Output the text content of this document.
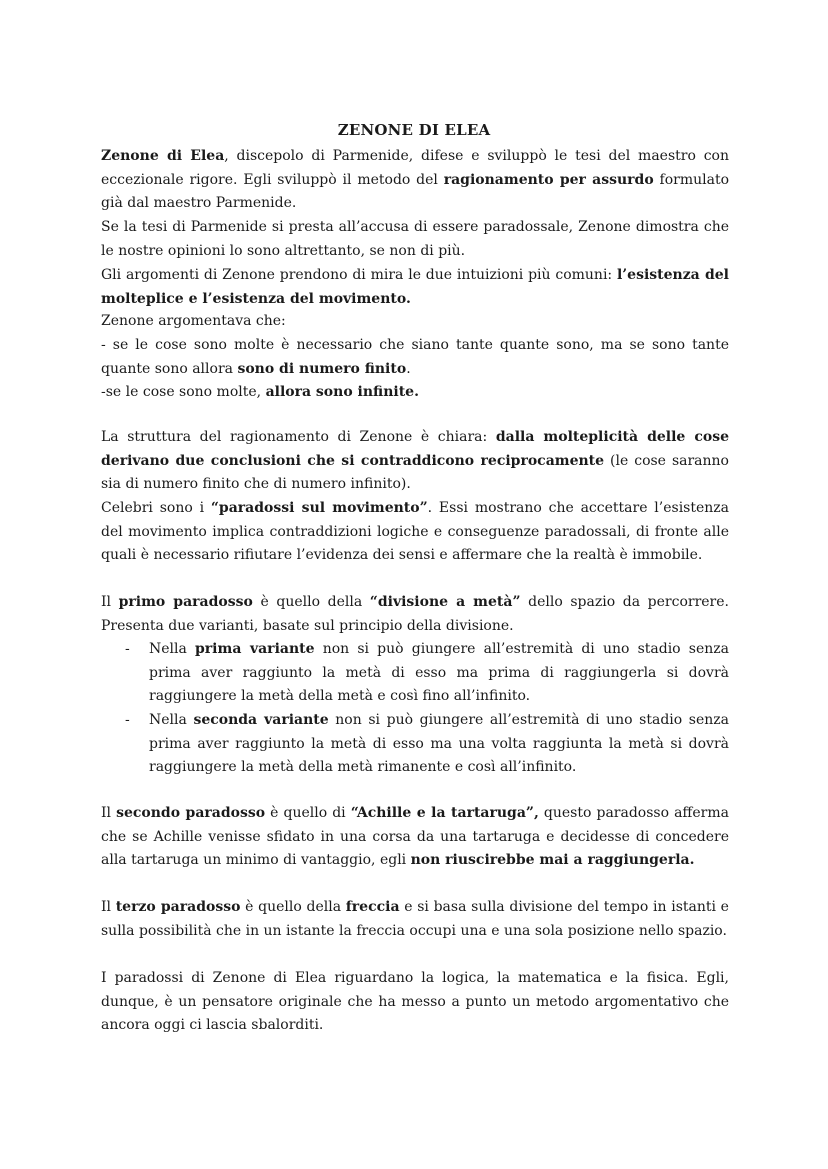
ZENONE DI ELEA

Zenone di Elea, discepolo di Parmenide, difese e sviluppò le tesi del maestro con eccezionale rigore. Egli sviluppò il metodo del ragionamento per assurdo formulato già dal maestro Parmenide.

Se la tesi di Parmenide si presta all’accusa di essere paradossale, Zenone dimostra che le nostre opinioni lo sono altrettanto, se non di più.

Gli argomenti di Zenone prendono di mira le due intuizioni più comuni: l’esistenza del molteplice e l’esistenza del movimento.

Zenone argomentava che:

- se le cose sono molte è necessario che siano tante quante sono, ma se sono tante quante sono allora sono di numero finito.

-se le cose sono molte, allora sono infinite.

La struttura del ragionamento di Zenone è chiara: dalla molteplicità delle cose derivano due conclusioni che si contraddicono reciprocamente (le cose saranno sia di numero finito che di numero infinito).

Celebri sono i “paradossi sul movimento”. Essi mostrano che accettare l’esistenza del movimento implica contraddizioni logiche e conseguenze paradossali, di fronte alle quali è necessario rifiutare l’evidenza dei sensi e affermare che la realtà è immobile.

Il primo paradosso è quello della “divisione a metà” dello spazio da percorrere. Presenta due varianti, basate sul principio della divisione.

- Nella prima variante non si può giungere all’estremità di uno stadio senza prima aver raggiunto la metà di esso ma prima di raggiungerla si dovrà raggiungere la metà della metà e così fino all’infinito.

- Nella seconda variante non si può giungere all’estremità di uno stadio senza prima aver raggiunto la metà di esso ma una volta raggiunta la metà si dovrà raggiungere la metà della metà rimanente e così all’infinito.

Il secondo paradosso è quello di “Achille e la tartaruga”, questo paradosso afferma che se Achille venisse sfidato in una corsa da una tartaruga e decidesse di concedere alla tartaruga un minimo di vantaggio, egli non riuscirebbe mai a raggiungerla.

Il terzo paradosso è quello della freccia e si basa sulla divisione del tempo in istanti e sulla possibilità che in un istante la freccia occupi una e una sola posizione nello spazio.

I paradossi di Zenone di Elea riguardano la logica, la matematica e la fisica. Egli, dunque, è un pensatore originale che ha messo a punto un metodo argomentativo che ancora oggi ci lascia sbalorditi.
